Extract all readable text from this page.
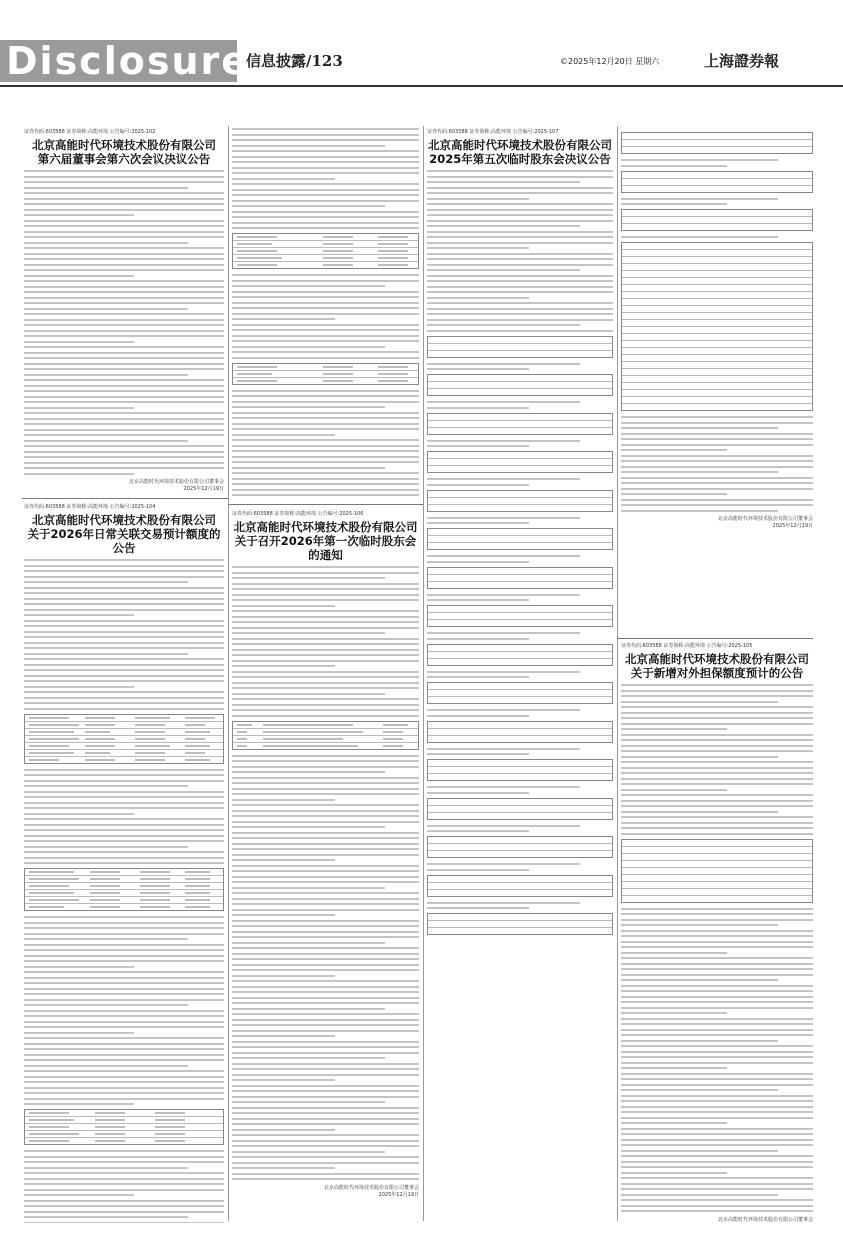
Disclosure
信息披露/123	©2025年12月20日 星期六	上海證券報
证券代码:603588 证券简称:高能环境 公告编号:2025-102
北京高能时代环境技术股份有限公司
第六届董事会第六次会议决议公告
北京高能时代环境技术股份有限公司董事会
2025年12月19日
证券代码:603588 证券简称:高能环境 公告编号:2025-104
北京高能时代环境技术股份有限公司
关于2026年日常关联交易预计额度的公告
证券代码:603588 证券简称:高能环境 公告编号:2025-106
北京高能时代环境技术股份有限公司
关于召开2026年第一次临时股东会的通知
北京高能时代环境技术股份有限公司董事会
2025年12月19日
证券代码:603588 证券简称:高能环境 公告编号:2025-107
北京高能时代环境技术股份有限公司
2025年第五次临时股东会决议公告
北京高能时代环境技术股份有限公司董事会
2025年12月19日
证券代码:603588 证券简称:高能环境 公告编号:2025-105
北京高能时代环境技术股份有限公司
关于新增对外担保额度预计的公告
北京高能时代环境技术股份有限公司董事会
